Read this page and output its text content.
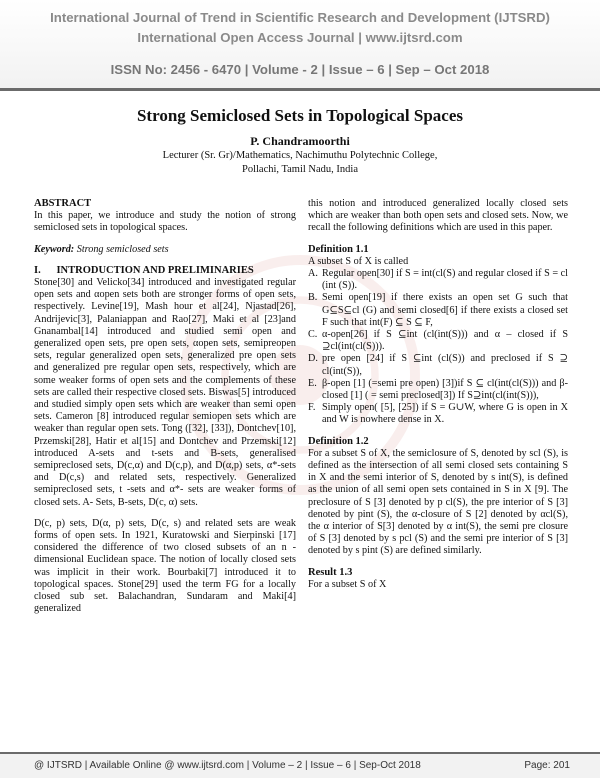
International Journal of Trend in Scientific Research and Development (IJTSRD)
International Open Access Journal | www.ijtsrd.com
ISSN No: 2456 - 6470 | Volume - 2 | Issue – 6 | Sep – Oct 2018
Strong Semiclosed Sets in Topological Spaces
P. Chandramoorthi
Lecturer (Sr. Gr)/Mathematics, Nachimuthu Polytechnic College,
Pollachi, Tamil Nadu, India

ABSTRACT

In this paper, we introduce and study the notion of strong semiclosed sets in topological spaces.

Keyword: Strong semiclosed sets

I. INTRODUCTION AND PRELIMINARIES

Stone[30] and Velicko[34] introduced and investigated regular open sets and αopen sets both are stronger forms of open sets, respectively. Levine[19], Mash hour et al[24], Njastad[26], Andrijevic[3], Palaniappan and Rao[27], Maki et al [23]and Gnanambal[14] introduced and studied semi open and generalized open sets, pre open sets, αopen sets, semipreopen sets, regular generalized open sets, generalized pre open sets and generalized pre regular open sets, respectively, which are some weaker forms of open sets and the complements of these sets are called their respective closed sets. Biswas[5] introduced and studied simply open sets which are weaker than semi open sets. Cameron [8] introduced regular semiopen sets which are weaker than regular open sets. Tong ([32], [33]), Dontchev[10], Przemski[28], Hatir et al[15] and Dontchev and Przemski[12] introduced A-sets and t-sets and B-sets, generalised semipreclosed sets, D(c,α) and D(c,p), and D(α,p) sets, α*-sets and D(c,s) and related sets, respectively. Generalized semipreclosed sets, t -sets and α*- sets are weaker forms of closed sets. A- Sets, B-sets, D(c, α) sets.

D(c, p) sets, D(α, p) sets, D(c, s) and related sets are weak forms of open sets. In 1921, Kuratowski and Sierpinski [17] considered the difference of two closed subsets of an n - dimensional Euclidean space. The notion of locally closed sets was implicit in their work. Bourbaki[7] introduced it to topological spaces. Stone[29] used the term FG for a locally closed sub set. Balachandran, Sundaram and Maki[4] generalized

this notion and introduced generalized locally closed sets which are weaker than both open sets and closed sets. Now, we recall the following definitions which are used in this paper.

Definition 1.1

A subset S of X is called

A. Regular open[30] if S = int(cl(S) and regular closed if S = cl (int (S)).
B. Semi open[19] if there exists an open set G such that G⊆S⊆cl (G) and semi closed[6] if there exists a closed set F such that int(F) ⊆ S ⊆ F,
C. α-open[26] if S ⊆int (cl(int(S))) and α – closed if S ⊇cl(int(cl(S))).
D. pre open [24] if S ⊆int (cl(S)) and preclosed if S ⊇ cl(int(S)),
E. β-open [1] (=semi pre open) [3])if S ⊆ cl(int(cl(S))) and β-closed [1] ( = semi preclosed[3]) If S⊇int(cl(int(S))),
F. Simply open( [5], [25]) if S = G∪W, where G is open in X and W is nowhere dense in X.

Definition 1.2

For a subset S of X, the semiclosure of S, denoted by scl (S), is defined as the intersection of all semi closed sets containing S in X and the semi interior of S, denoted by s int(S), is defined as the union of all semi open sets contained in S in X [9]. The preclosure of S [3] denoted by p cl(S), the pre interior of S [3] denoted by pint (S), the α-closure of S [2] denoted by αcl(S), the α interior of S[3] denoted by α int(S), the semi pre closure of S [3] denoted by s pcl (S) and the semi pre interior of S [3] denoted by s pint (S) are defined similarly.

Result 1.3

For a subset S of X

@ IJTSRD | Available Online @ www.ijtsrd.com | Volume – 2 | Issue – 6 | Sep-Oct 2018	Page: 201
